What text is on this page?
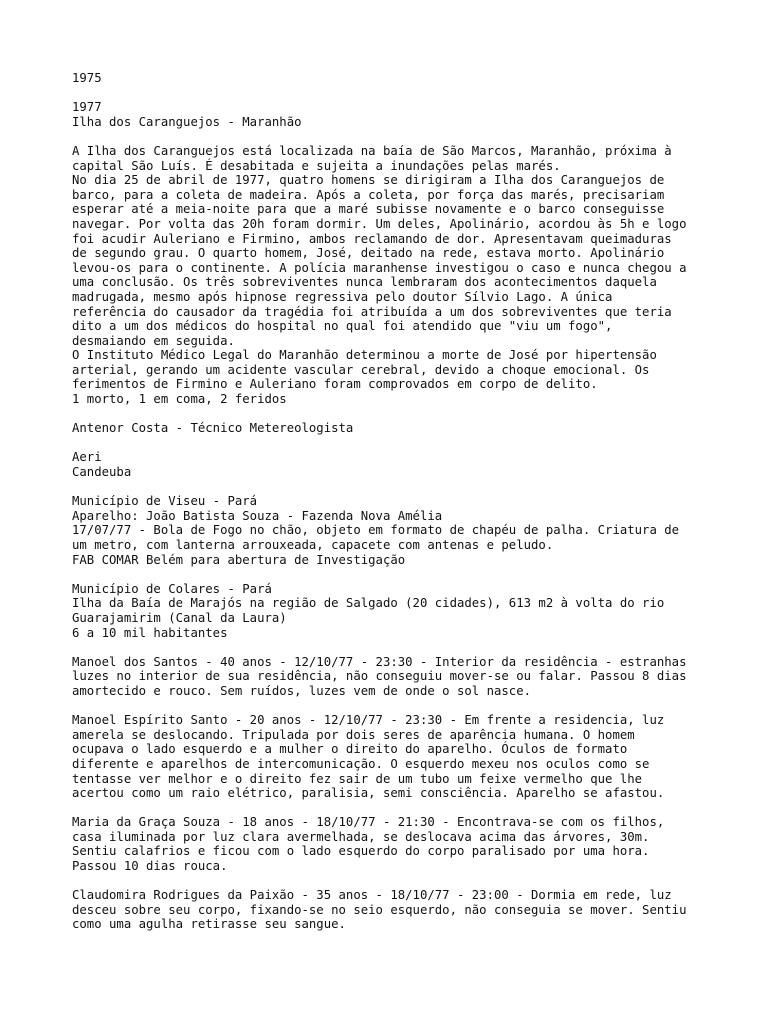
1975
1977
Ilha dos Caranguejos - Maranhão
A Ilha dos Caranguejos está localizada na baía de São Marcos, Maranhão, próxima à
capital São Luís. É desabitada e sujeita a inundações pelas marés.
No dia 25 de abril de 1977, quatro homens se dirigiram a Ilha dos Caranguejos de
barco, para a coleta de madeira. Após a coleta, por força das marés, precisariam
esperar até a meia-noite para que a maré subisse novamente e o barco conseguisse
navegar. Por volta das 20h foram dormir. Um deles, Apolinário, acordou às 5h e logo
foi acudir Auleriano e Firmino, ambos reclamando de dor. Apresentavam queimaduras
de segundo grau. O quarto homem, José, deitado na rede, estava morto. Apolinário
levou-os para o continente. A polícia maranhense investigou o caso e nunca chegou a
uma conclusão. Os três sobreviventes nunca lembraram dos acontecimentos daquela
madrugada, mesmo após hipnose regressiva pelo doutor Sílvio Lago. A única
referência do causador da tragédia foi atribuída a um dos sobreviventes que teria
dito a um dos médicos do hospital no qual foi atendido que "viu um fogo",
desmaiando em seguida.
O Instituto Médico Legal do Maranhão determinou a morte de José por hipertensão
arterial, gerando um acidente vascular cerebral, devido a choque emocional. Os
ferimentos de Firmino e Auleriano foram comprovados em corpo de delito.
1 morto, 1 em coma, 2 feridos
Antenor Costa - Técnico Metereologista
Aeri
Candeuba
Município de Viseu - Pará
Aparelho: João Batista Souza - Fazenda Nova Amélia
17/07/77 - Bola de Fogo no chão, objeto em formato de chapéu de palha. Criatura de
um metro, com lanterna arrouxeada, capacete com antenas e peludo.
FAB COMAR Belém para abertura de Investigação
Município de Colares - Pará
Ilha da Baía de Marajós na região de Salgado (20 cidades), 613 m2 à volta do rio
Guarajamirim (Canal da Laura)
6 a 10 mil habitantes
Manoel dos Santos - 40 anos - 12/10/77 - 23:30 - Interior da residência - estranhas
luzes no interior de sua residência, não conseguiu mover-se ou falar. Passou 8 dias
amortecido e rouco. Sem ruídos, luzes vem de onde o sol nasce.
Manoel Espírito Santo - 20 anos - 12/10/77 - 23:30 - Em frente a residencia, luz
amerela se deslocando. Tripulada por dois seres de aparência humana. O homem
ocupava o lado esquerdo e a mulher o direito do aparelho. Óculos de formato
diferente e aparelhos de intercomunicação. O esquerdo mexeu nos oculos como se
tentasse ver melhor e o direito fez sair de um tubo um feixe vermelho que lhe
acertou como um raio elétrico, paralisia, semi consciência. Aparelho se afastou.
Maria da Graça Souza - 18 anos - 18/10/77 - 21:30 - Encontrava-se com os filhos,
casa iluminada por luz clara avermelhada, se deslocava acima das árvores, 30m.
Sentiu calafrios e ficou com o lado esquerdo do corpo paralisado por uma hora.
Passou 10 dias rouca.
Claudomira Rodrigues da Paixão - 35 anos - 18/10/77 - 23:00 - Dormia em rede, luz
desceu sobre seu corpo, fixando-se no seio esquerdo, não conseguia se mover. Sentiu
como uma agulha retirasse seu sangue.
